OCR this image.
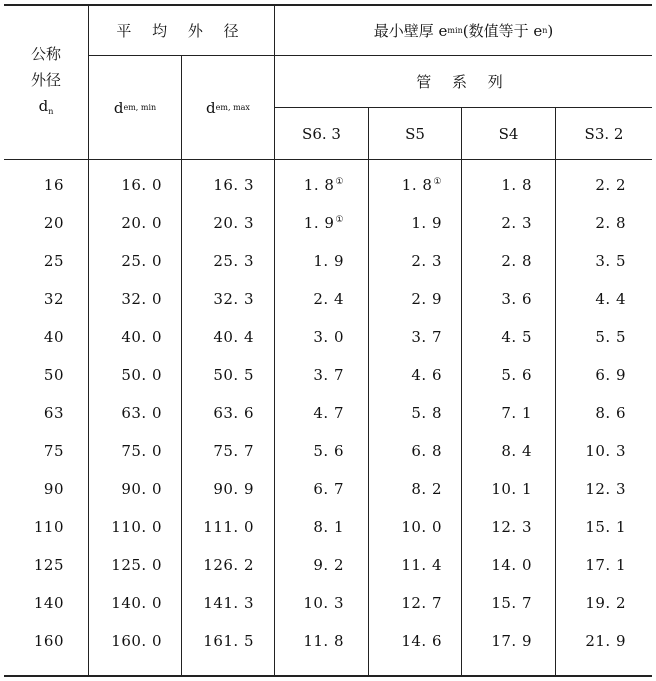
公称
外径
$d_n$
平 均 外 径	最小壁厚 e min (数值等于 e n )
d em, min	d em, max
管 系 列
S6. 3	S5	S4	S3. 2
16	16. 0	16. 3	1. 8①	1. 8①	1. 8	2. 2
20	20. 0	20. 3	1. 9①	1. 9	2. 3	2. 8
25	25. 0	25. 3	1. 9	2. 3	2. 8	3. 5
32	32. 0	32. 3	2. 4	2. 9	3. 6	4. 4
40	40. 0	40. 4	3. 0	3. 7	4. 5	5. 5
50	50. 0	50. 5	3. 7	4. 6	5. 6	6. 9
63	63. 0	63. 6	4. 7	5. 8	7. 1	8. 6
75	75. 0	75. 7	5. 6	6. 8	8. 4	10. 3
90	90. 0	90. 9	6. 7	8. 2	10. 1	12. 3
110	110. 0	111. 0	8. 1	10. 0	12. 3	15. 1
125	125. 0	126. 2	9. 2	11. 4	14. 0	17. 1
140	140. 0	141. 3	10. 3	12. 7	15. 7	19. 2
160	160. 0	161. 5	11. 8	14. 6	17. 9	21. 9
